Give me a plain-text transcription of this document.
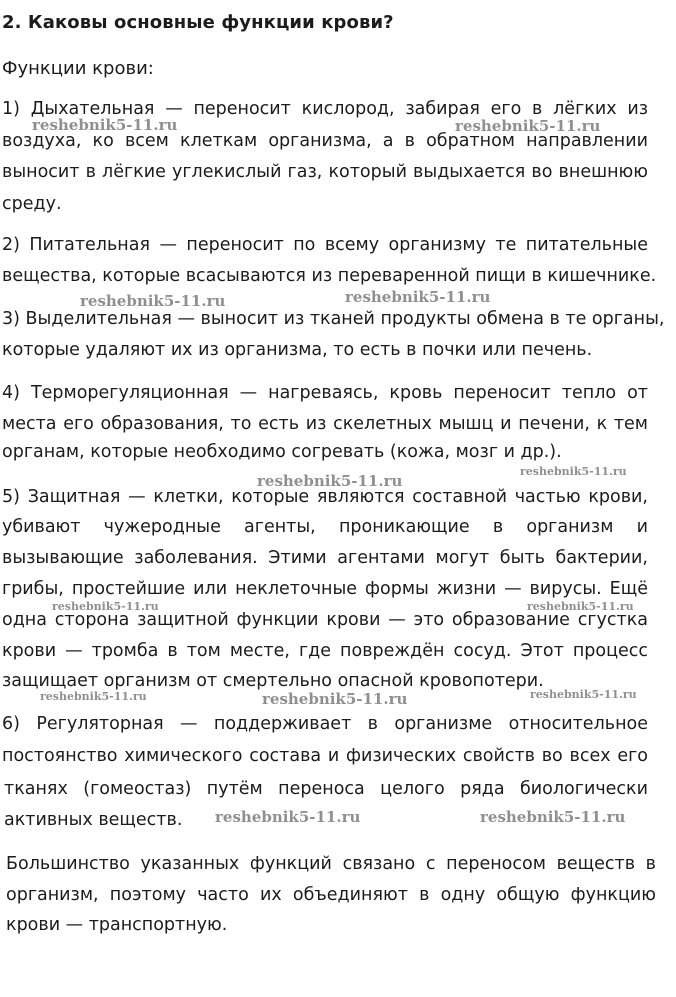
2. Каковы основные функции крови?
Функции крови:
1) Дыхательная — переносит кислород, забирая его в лёгких из
воздуха, ко всем клеткам организма, а в обратном направлении
выносит в лёгкие углекислый газ, который выдыхается во внешнюю
среду.
2) Питательная — переносит по всему организму те питательные
вещества, которые всасываются из переваренной пищи в кишечнике.
3) Выделительная — выносит из тканей продукты обмена в те органы,
которые удаляют их из организма, то есть в почки или печень.
4) Терморегуляционная — нагреваясь, кровь переносит тепло от
места его образования, то есть из скелетных мышц и печени, к тем
органам, которые необходимо согревать (кожа, мозг и др.).
5) Защитная — клетки, которые являются составной частью крови,
убивают чужеродные агенты, проникающие в организм и
вызывающие заболевания. Этими агентами могут быть бактерии,
грибы, простейшие или неклеточные формы жизни — вирусы. Ещё
одна сторона защитной функции крови — это образование сгустка
крови — тромба в том месте, где повреждён сосуд. Этот процесс
защищает организм от смертельно опасной кровопотери.
6) Регуляторная — поддерживает в организме относительное
постоянство химического состава и физических свойств во всех его
тканях (гомеостаз) путём переноса целого ряда биологически
активных веществ.
Большинство указанных функций связано с переносом веществ в
организм, поэтому часто их объединяют в одну общую функцию
крови — транспортную.
reshebnik5-11.ru	reshebnik5-11.ru
reshebnik5-11.ru	reshebnik5-11.ru
reshebnik5-11.ru
reshebnik5-11.ru
reshebnik5-11.ru	reshebnik5-11.ru
reshebnik5-11.ru	reshebnik5-11.ru	reshebnik5-11.ru
reshebnik5-11.ru	reshebnik5-11.ru
